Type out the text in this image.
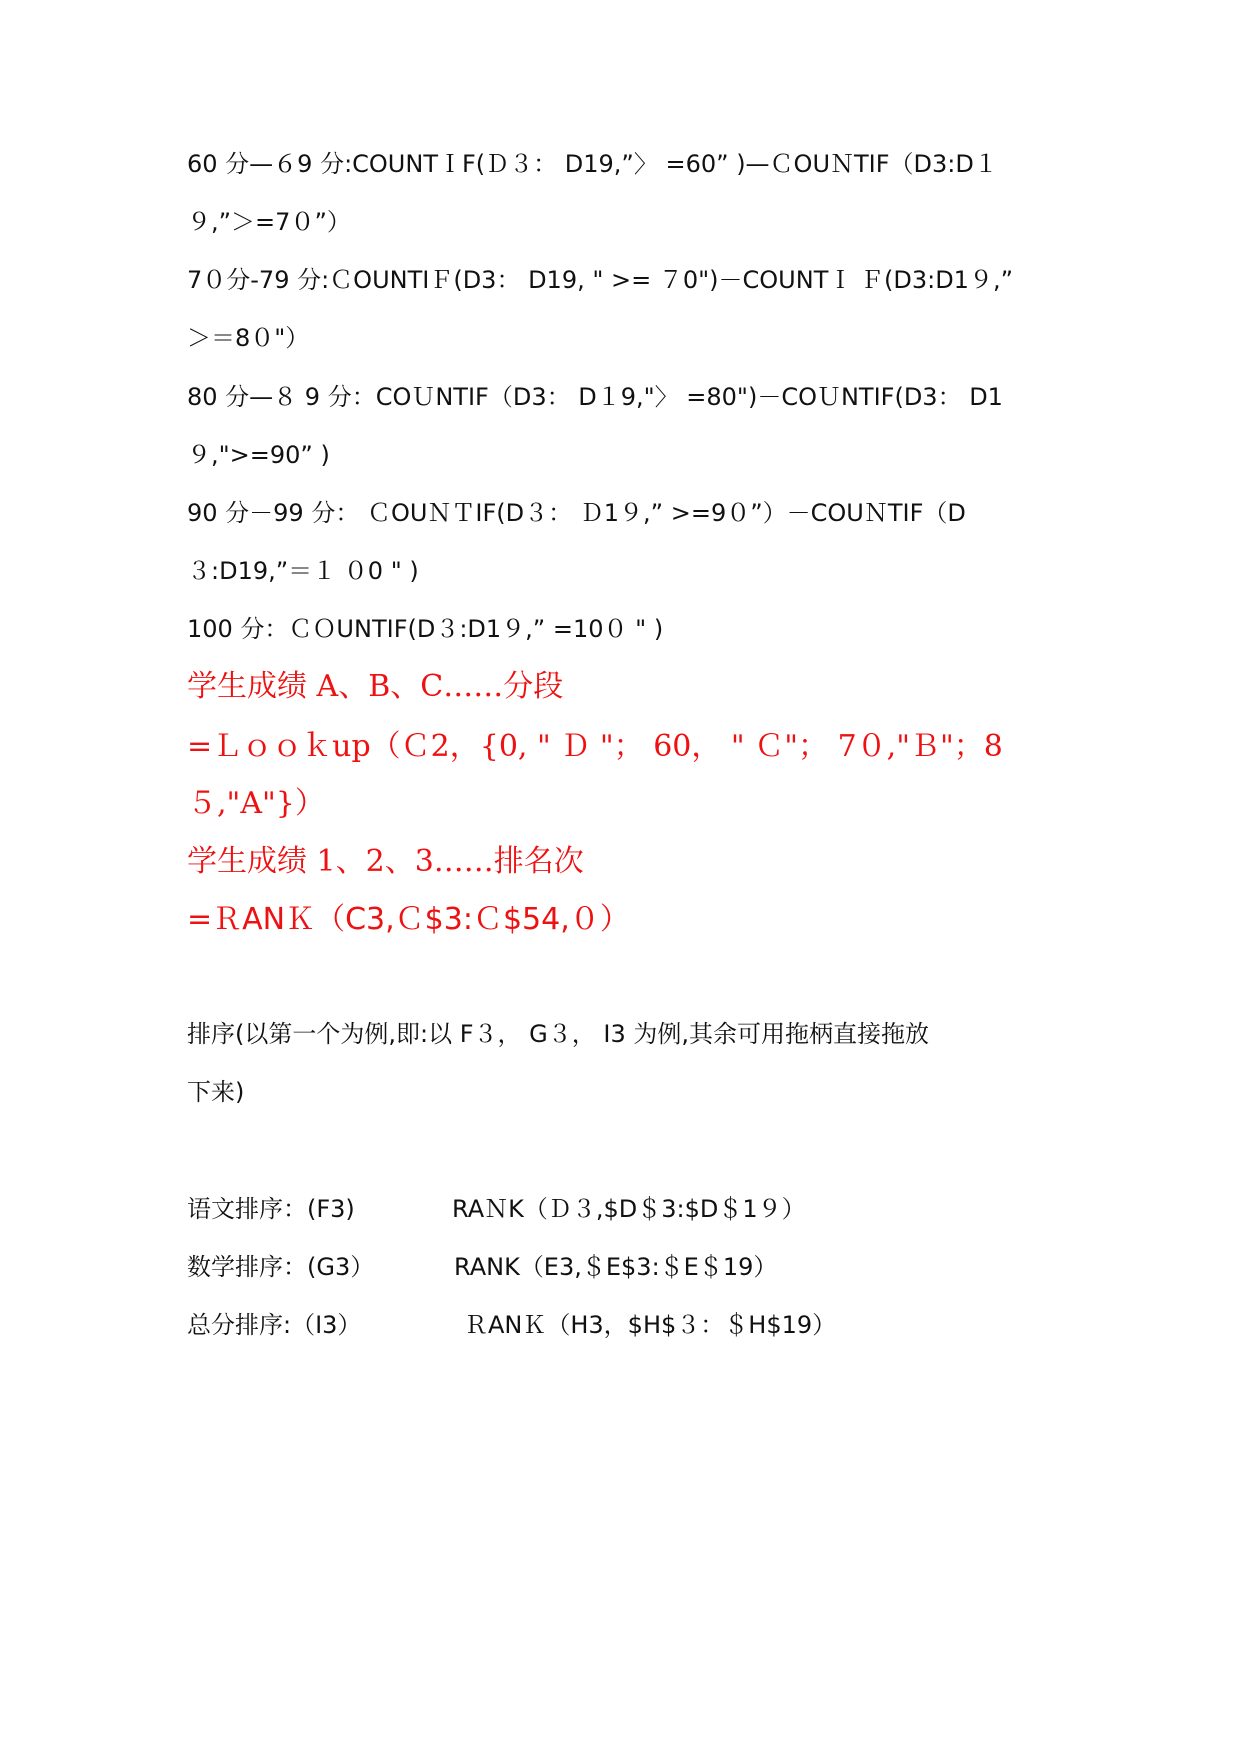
60 分—６9 分:COUNTＩF(Ｄ３： D19,”〉 =60” )—ＣOUＮTIF（D3:D１
９,”＞=7０”）
7０分-79 分:ＣOUNTIＦ(D3： D19, " >= ７0")－COUNTＩ Ｆ(D3:D1９,”
＞＝8０"）
80 分—８ 9 分：COＵNTIF（D3： D１9,"〉 =80")－COＵNTIF(D3： D1
９,">=90” )
90 分－99 分： ＣOUＮＴIF(D３： Ｄ1９,” >=9０”）－COUＮTIF（D
３:D19,”＝１ ０0 " )
100 分：ＣＯUNTIF(D３:D1９,” =10０ " )
学生成绩 A、B、C……分段
=Ｌｏｏｋup（Ｃ2，{0, " Ｄ "； 60， " Ｃ"； 7０,"Ｂ"；8
５,"A"}）
学生成绩 1、2、3……排名次
=ＲANＫ（C3,Ｃ$3:Ｃ$54,０）
排序(以第一个为例,即:以 F３， G３， I3 为例,其余可用拖柄直接拖放
下来)

语文排序：(F3)

	RAＮK（Ｄ３,$D＄3:$D＄1９）

数学排序：(G3）

	RANK（E3,＄E$3:＄E＄19）

总分排序:（I3）

	ＲANＫ（H3，$H$３：＄H$19）
